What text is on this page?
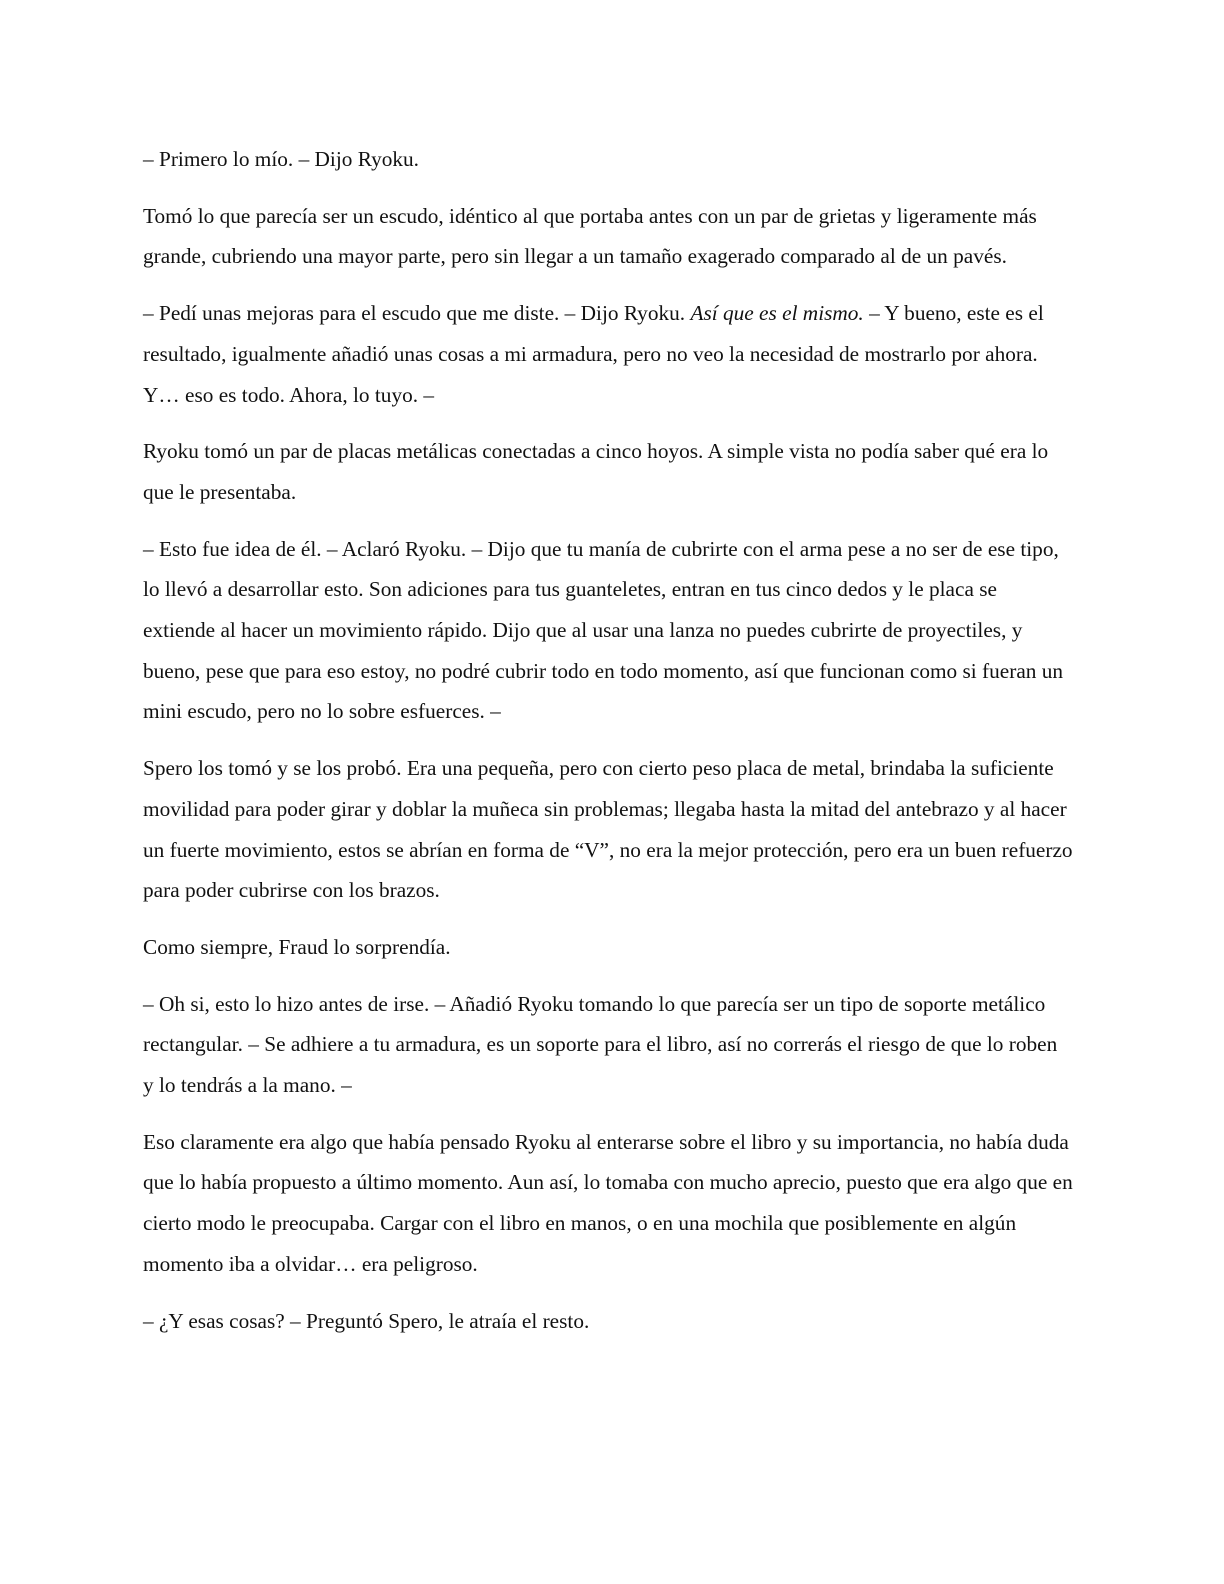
– Primero lo mío. – Dijo Ryoku.

Tomó lo que parecía ser un escudo, idéntico al que portaba antes con un par de grietas y ligeramente más grande, cubriendo una mayor parte, pero sin llegar a un tamaño exagerado comparado al de un pavés.

– Pedí unas mejoras para el escudo que me diste. – Dijo Ryoku. Así que es el mismo. – Y bueno, este es el resultado, igualmente añadió unas cosas a mi armadura, pero no veo la necesidad de mostrarlo por ahora. Y… eso es todo. Ahora, lo tuyo. –

Ryoku tomó un par de placas metálicas conectadas a cinco hoyos. A simple vista no podía saber qué era lo que le presentaba.

– Esto fue idea de él. – Aclaró Ryoku. – Dijo que tu manía de cubrirte con el arma pese a no ser de ese tipo, lo llevó a desarrollar esto. Son adiciones para tus guanteletes, entran en tus cinco dedos y le placa se extiende al hacer un movimiento rápido. Dijo que al usar una lanza no puedes cubrirte de proyectiles, y bueno, pese que para eso estoy, no podré cubrir todo en todo momento, así que funcionan como si fueran un mini escudo, pero no lo sobre esfuerces. –

Spero los tomó y se los probó. Era una pequeña, pero con cierto peso placa de metal, brindaba la suficiente movilidad para poder girar y doblar la muñeca sin problemas; llegaba hasta la mitad del antebrazo y al hacer un fuerte movimiento, estos se abrían en forma de “V”, no era la mejor protección, pero era un buen refuerzo para poder cubrirse con los brazos.

Como siempre, Fraud lo sorprendía.

– Oh si, esto lo hizo antes de irse. – Añadió Ryoku tomando lo que parecía ser un tipo de soporte metálico rectangular. – Se adhiere a tu armadura, es un soporte para el libro, así no correrás el riesgo de que lo roben y lo tendrás a la mano. –

Eso claramente era algo que había pensado Ryoku al enterarse sobre el libro y su importancia, no había duda que lo había propuesto a último momento. Aun así, lo tomaba con mucho aprecio, puesto que era algo que en cierto modo le preocupaba. Cargar con el libro en manos, o en una mochila que posiblemente en algún momento iba a olvidar… era peligroso.

– ¿Y esas cosas? – Preguntó Spero, le atraía el resto.
